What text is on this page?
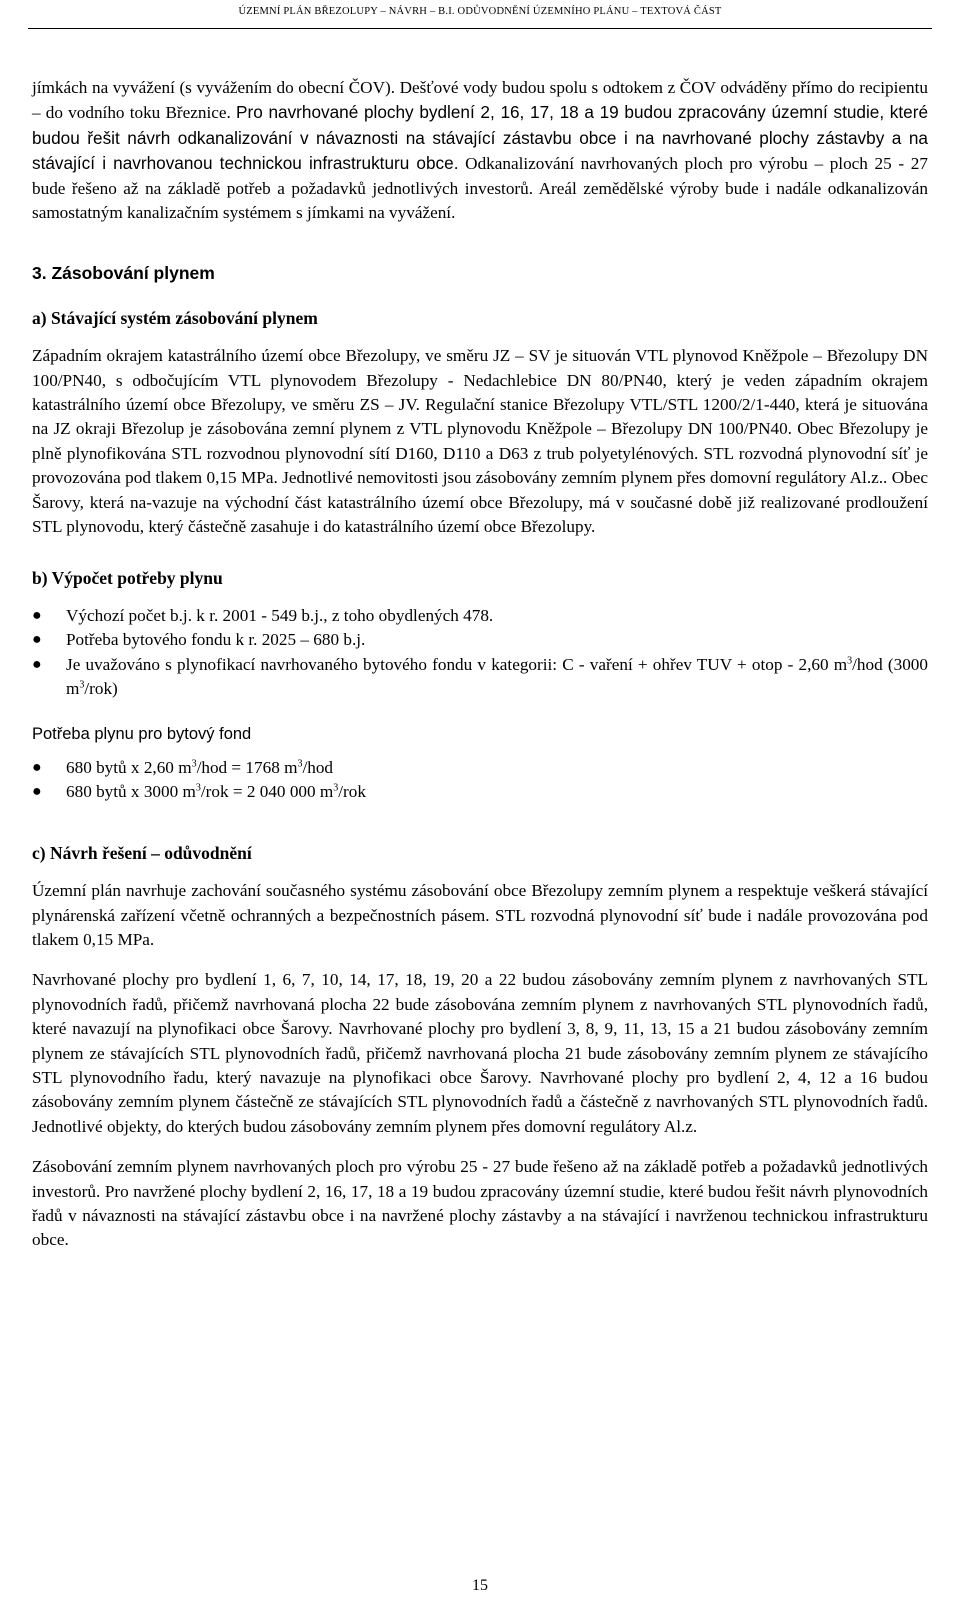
ÚZEMNÍ PLÁN BŘEZOLUPY – NÁVRH – B.I. ODŮVODNĚNÍ ÚZEMNÍHO PLÁNU – TEXTOVÁ ČÁST

jímkách na vyvážení (s vyvážením do obecní ČOV). Dešťové vody budou spolu s odtokem z ČOV odváděny přímo do recipientu – do vodního toku Březnice. Pro navrhované plochy bydlení 2, 16, 17, 18 a 19 budou zpracovány územní studie, které budou řešit návrh odkanalizování v návaznosti na stávající zástavbu obce i na navrhované plochy zástavby a na stávající i navrhovanou technickou infrastrukturu obce. Odkanalizování navrhovaných ploch pro výrobu – ploch 25 - 27 bude řešeno až na základě potřeb a požadavků jednotlivých investorů. Areál zemědělské výroby bude i nadále odkanalizován samostatným kanalizačním systémem s jímkami na vyvážení.

3. Zásobování plynem
a) Stávající systém zásobování plynem

Západním okrajem katastrálního území obce Březolupy, ve směru JZ – SV je situován VTL plynovod Kněžpole – Březolupy DN 100/PN40, s odbočujícím VTL plynovodem Březolupy - Nedachlebice DN 80/PN40, který je veden západním okrajem katastrálního území obce Březolupy, ve směru ZS – JV. Regulační stanice Březolupy VTL/STL 1200/2/1-440, která je situována na JZ okraji Březolup je zásobována zemní plynem z VTL plynovodu Kněžpole – Březolupy DN 100/PN40. Obec Březolupy je plně plynofikována STL rozvodnou plynovodní sítí D160, D110 a D63 z trub polyetylénových. STL rozvodná plynovodní síť je provozována pod tlakem 0,15 MPa. Jednotlivé nemovitosti jsou zásobovány zemním plynem přes domovní regulátory Al.z.. Obec Šarovy, která na-vazuje na východní část katastrálního území obce Březolupy, má v současné době již realizované prodloužení STL plynovodu, který částečně zasahuje i do katastrálního území obce Březolupy.

b) Výpočet potřeby plynu
● Výchozí počet b.j. k r. 2001 - 549 b.j., z toho obydlených 478.
● Potřeba bytového fondu k r. 2025 – 680 b.j.
● Je uvažováno s plynofikací navrhovaného bytového fondu v kategorii: C - vaření + ohřev TUV + otop - 2,60 $m^3$/hod (3000 $m^3/rok$)
Potřeba plynu pro bytový fond
● 680 bytů x 2,60 $m^3$/hod = 1768 $m^3$/hod
● 680 bytů x 3000 $m^3$/rok = 2 040 000 $m^3$/rok
c) Návrh řešení – odůvodnění

Územní plán navrhuje zachování současného systému zásobování obce Březolupy zemním plynem a respektuje veškerá stávající plynárenská zařízení včetně ochranných a bezpečnostních pásem. STL rozvodná plynovodní síť bude i nadále provozována pod tlakem 0,15 MPa.

Navrhované plochy pro bydlení 1, 6, 7, 10, 14, 17, 18, 19, 20 a 22 budou zásobovány zemním plynem z navrhovaných STL plynovodních řadů, přičemž navrhovaná plocha 22 bude zásobována zemním plynem z navrhovaných STL plynovodních řadů, které navazují na plynofikaci obce Šarovy. Navrhované plochy pro bydlení 3, 8, 9, 11, 13, 15 a 21 budou zásobovány zemním plynem ze stávajících STL plynovodních řadů, přičemž navrhovaná plocha 21 bude zásobovány zemním plynem ze stávajícího STL plynovodního řadu, který navazuje na plynofikaci obce Šarovy. Navrhované plochy pro bydlení 2, 4, 12 a 16 budou zásobovány zemním plynem částečně ze stávajících STL plynovodních řadů a částečně z navrhovaných STL plynovodních řadů. Jednotlivé objekty, do kterých budou zásobovány zemním plynem přes domovní regulátory Al.z.

Zásobování zemním plynem navrhovaných ploch pro výrobu 25 - 27 bude řešeno až na základě potřeb a požadavků jednotlivých investorů. Pro navržené plochy bydlení 2, 16, 17, 18 a 19 budou zpracovány územní studie, které budou řešit návrh plynovodních řadů v návaznosti na stávající zástavbu obce i na navržené plochy zástavby a na stávající i navrženou technickou infrastrukturu obce.

15
